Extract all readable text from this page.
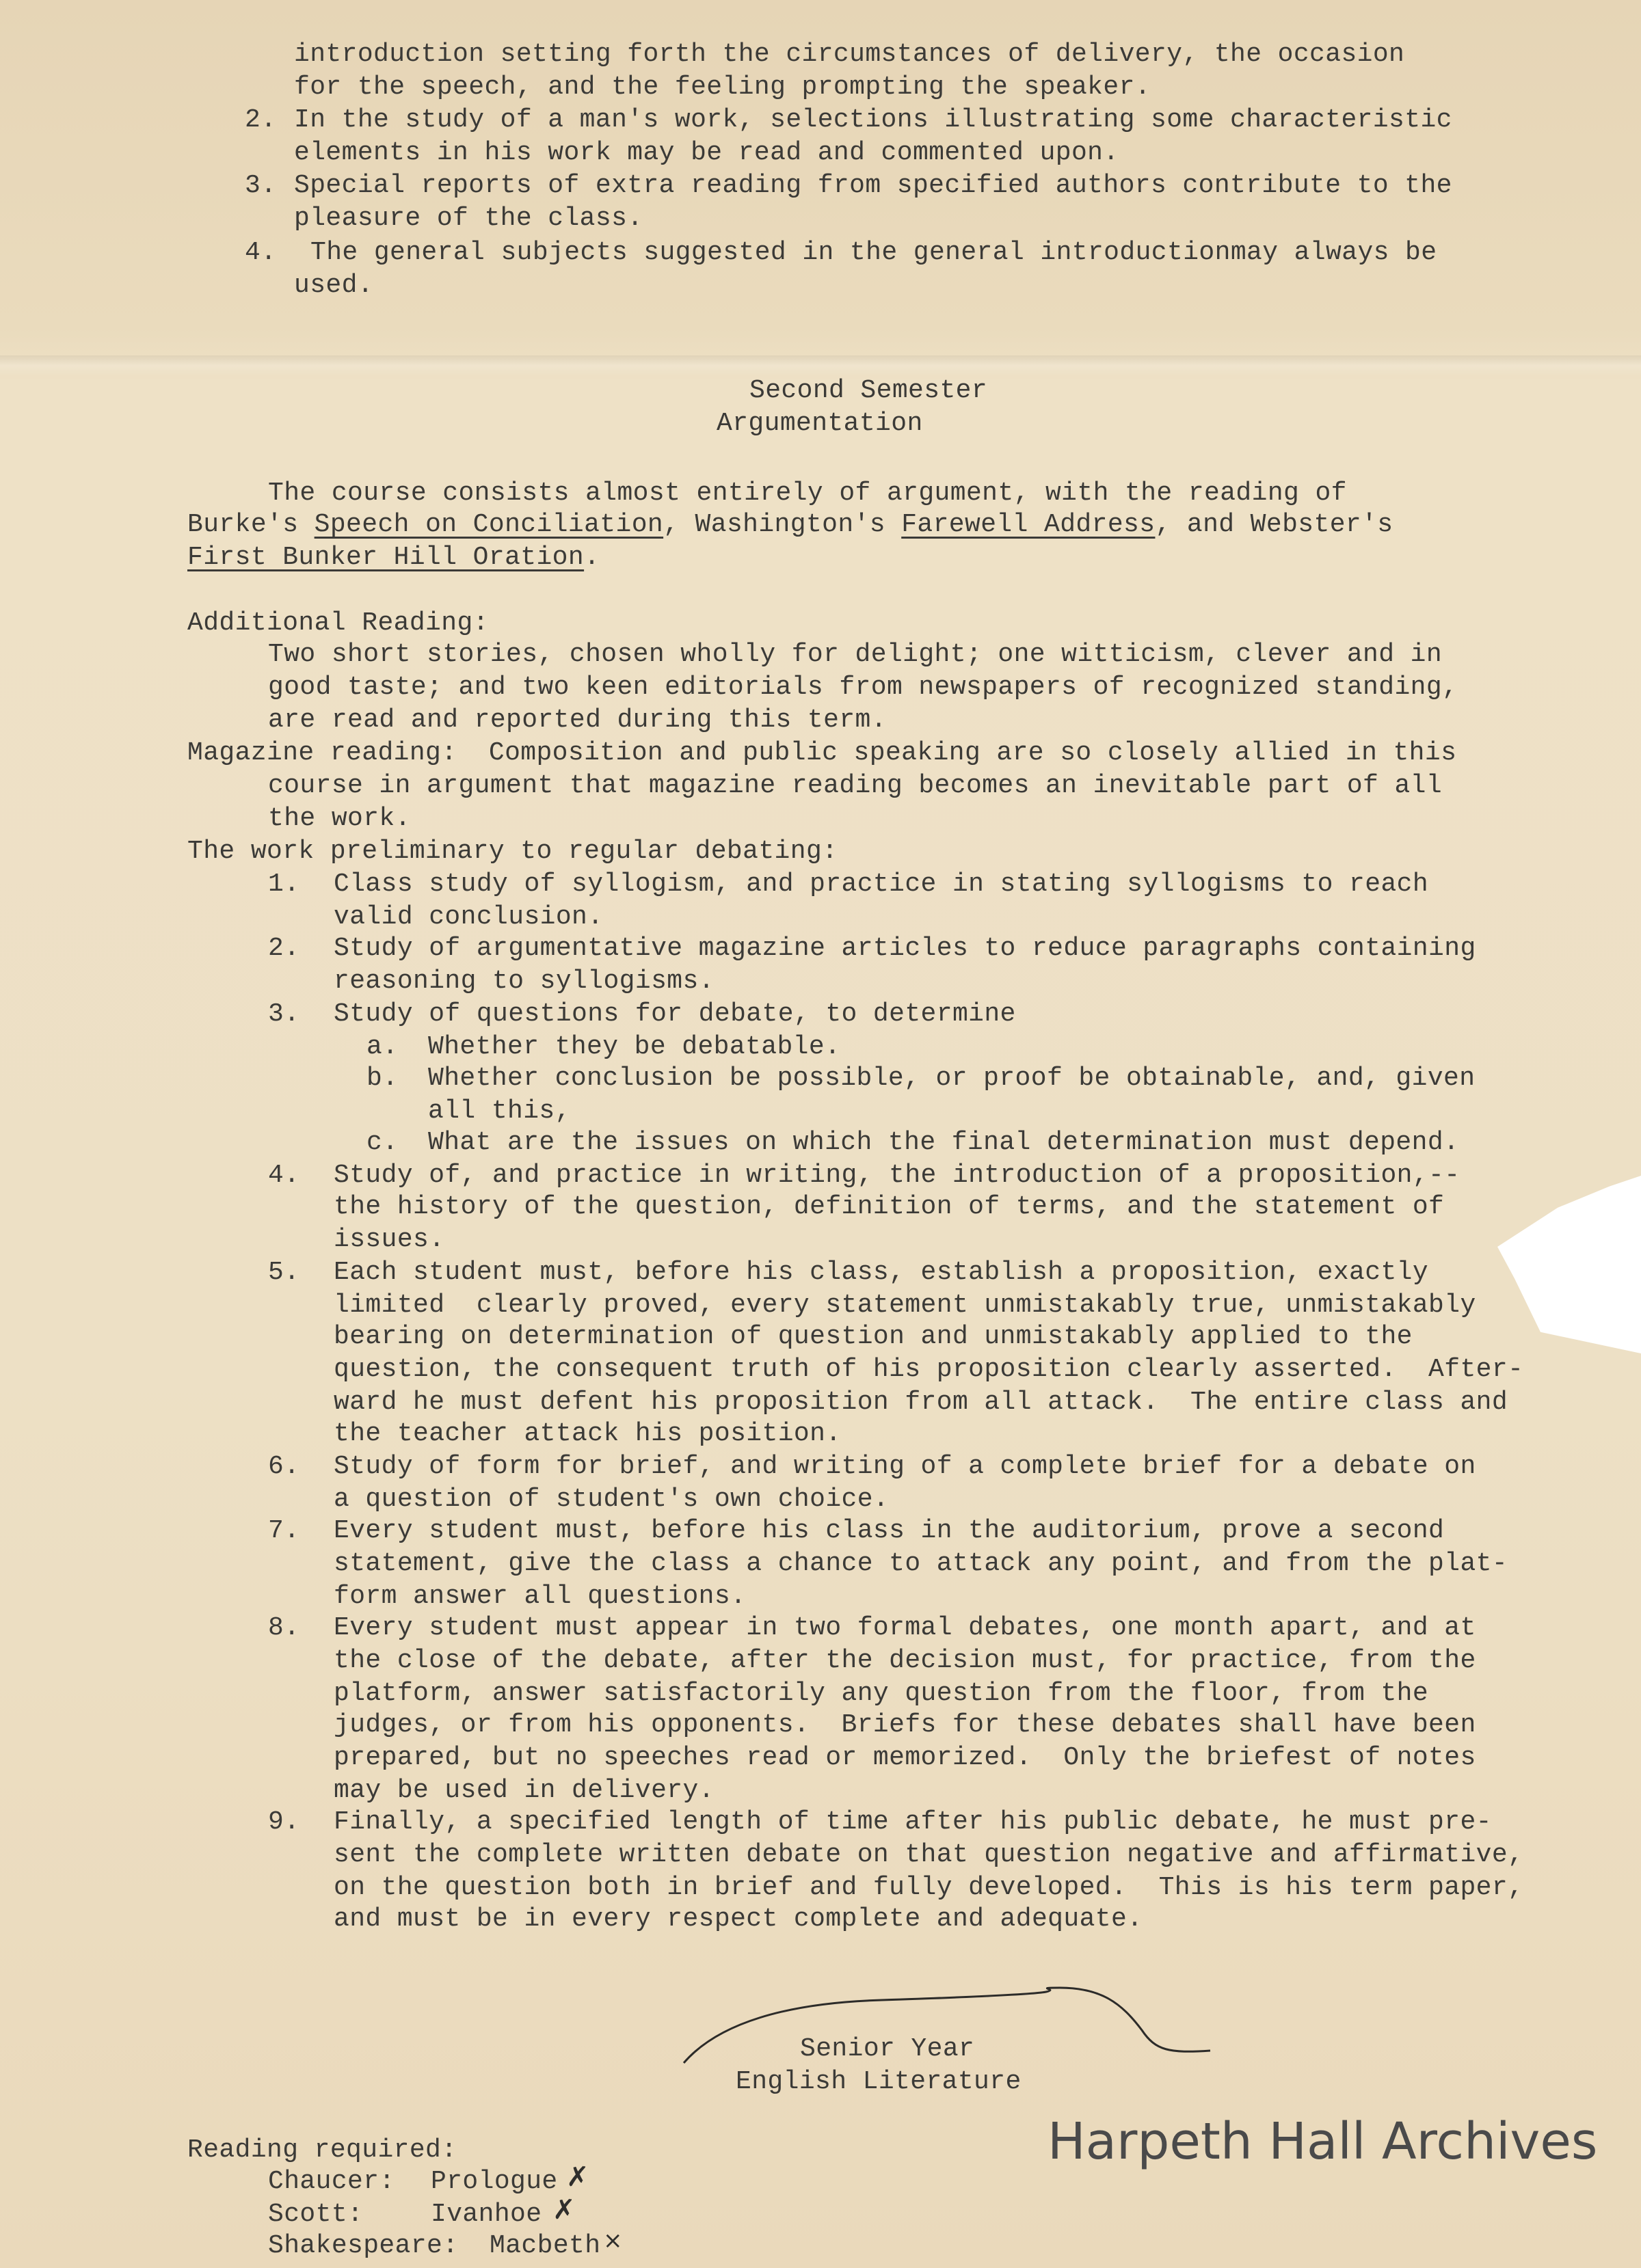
introduction setting forth the circumstances of delivery, the occasion
for the speech, and the feeling prompting the speaker.
2. In the study of a man's work, selections illustrating some characteristic
elements in his work may be read and commented upon.
3. Special reports of extra reading from specified authors contribute to the
pleasure of the class.
4. The general subjects suggested in the general introductionmay always be
used.
Second Semester
Argumentation
The course consists almost entirely of argument, with the reading of
Burke's Speech on Conciliation, Washington's Farewell Address, and Webster's
First Bunker Hill Oration.
Additional Reading:
Two short stories, chosen wholly for delight; one witticism, clever and in
good taste; and two keen editorials from newspapers of recognized standing,
are read and reported during this term.
Magazine reading:  Composition and public speaking are so closely allied in this
course in argument that magazine reading becomes an inevitable part of all
the work.
The work preliminary to regular debating:
1. Class study of syllogism, and practice in stating syllogisms to reach
valid conclusion.
2. Study of argumentative magazine articles to reduce paragraphs containing
reasoning to syllogisms.
3. Study of questions for debate, to determine
a. Whether they be debatable.
b. Whether conclusion be possible, or proof be obtainable, and, given
all this,
c. What are the issues on which the final determination must depend.
4. Study of, and practice in writing, the introduction of a proposition,--
the history of the question, definition of terms, and the statement of
issues.
5. Each student must, before his class, establish a proposition, exactly
limited  clearly proved, every statement unmistakably true, unmistakably
bearing on determination of question and unmistakably applied to the
question, the consequent truth of his proposition clearly asserted.  After-
ward he must defent his proposition from all attack.  The entire class and
the teacher attack his position.
6. Study of form for brief, and writing of a complete brief for a debate on
a question of student's own choice.
7. Every student must, before his class in the auditorium, prove a second
statement, give the class a chance to attack any point, and from the plat-
form answer all questions.
8. Every student must appear in two formal debates, one month apart, and at
the close of the debate, after the decision must, for practice, from the
platform, answer satisfactorily any question from the floor, from the
judges, or from his opponents.  Briefs for these debates shall have been
prepared, but no speeches read or memorized.  Only the briefest of notes
may be used in delivery.
9. Finally, a specified length of time after his public debate, he must pre-
sent the complete written debate on that question negative and affirmative,
on the question both in brief and fully developed.  This is his term paper,
and must be in every respect complete and adequate.
Senior Year
English Literature
Reading required:
Chaucer: Prologue ✗
Scott:	Ivanhoe ✗
Shakespeare: Macbeth ×
Harpeth Hall Archives
